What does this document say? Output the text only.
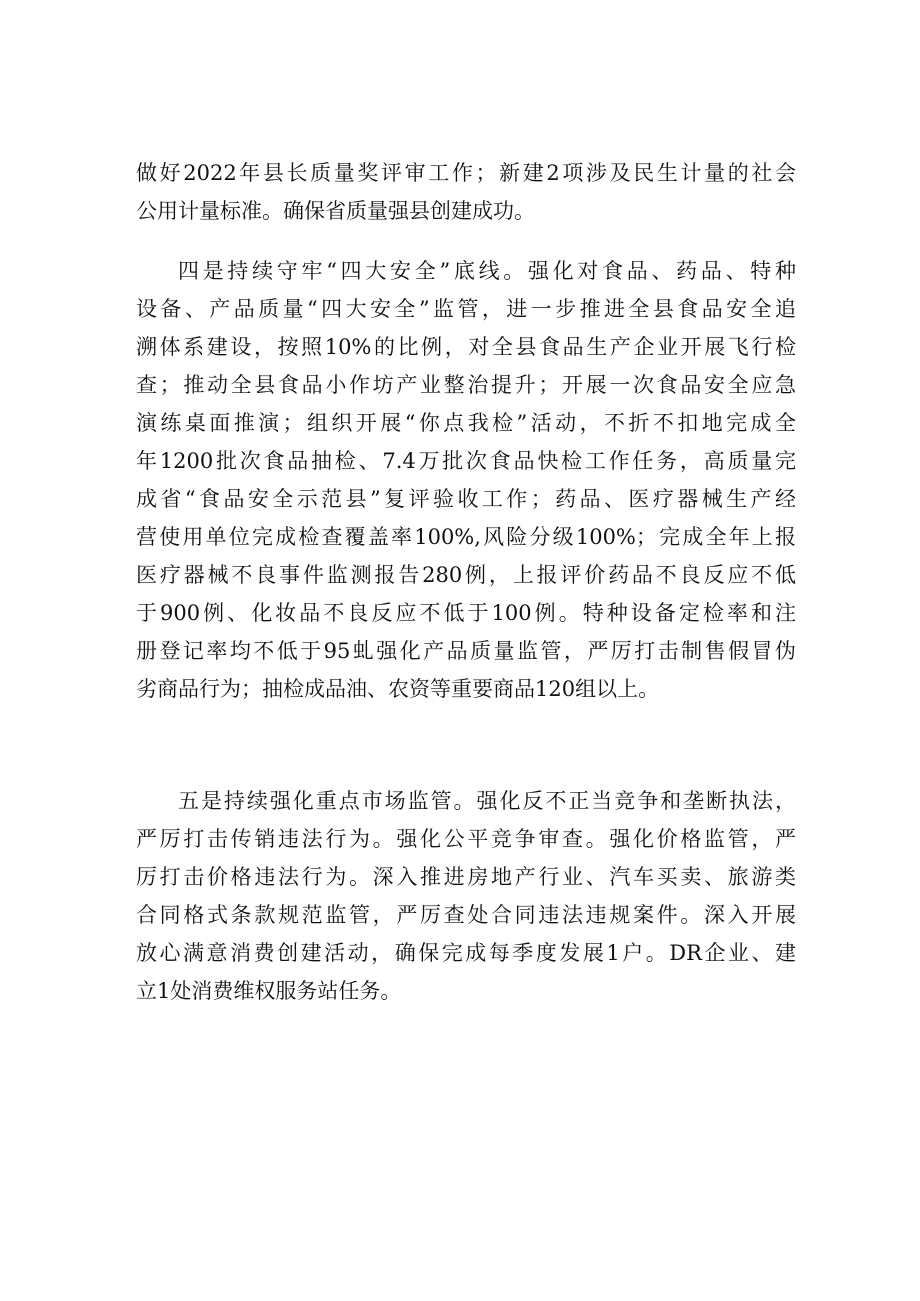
做好2022年县长质量奖评审工作；新建2项涉及民生计量的社会
公用计量标准。确保省质量强县创建成功。
四是持续守牢“四大安全”底线。强化对食品、药品、特种
设备、产品质量“四大安全”监管，进一步推进全县食品安全追
溯体系建设，按照10%的比例，对全县食品生产企业开展飞行检
查；推动全县食品小作坊产业整治提升；开展一次食品安全应急
演练桌面推演；组织开展“你点我检”活动，不折不扣地完成全
年1200批次食品抽检、7.4万批次食品快检工作任务，高质量完
成省“食品安全示范县”复评验收工作；药品、医疗器械生产经
营使用单位完成检查覆盖率100%,风险分级100%；完成全年上报
医疗器械不良事件监测报告280例，上报评价药品不良反应不低
于900例、化妆品不良反应不低于100例。特种设备定检率和注
册登记率均不低于95虬强化产品质量监管，严厉打击制售假冒伪
劣商品行为；抽检成品油、农资等重要商品120组以上。
五是持续强化重点市场监管。强化反不正当竞争和垄断执法，
严厉打击传销违法行为。强化公平竞争审查。强化价格监管，严
厉打击价格违法行为。深入推进房地产行业、汽车买卖、旅游类
合同格式条款规范监管，严厉查处合同违法违规案件。深入开展
放心满意消费创建活动，确保完成每季度发展1户。DR企业、建
立1处消费维权服务站任务。
